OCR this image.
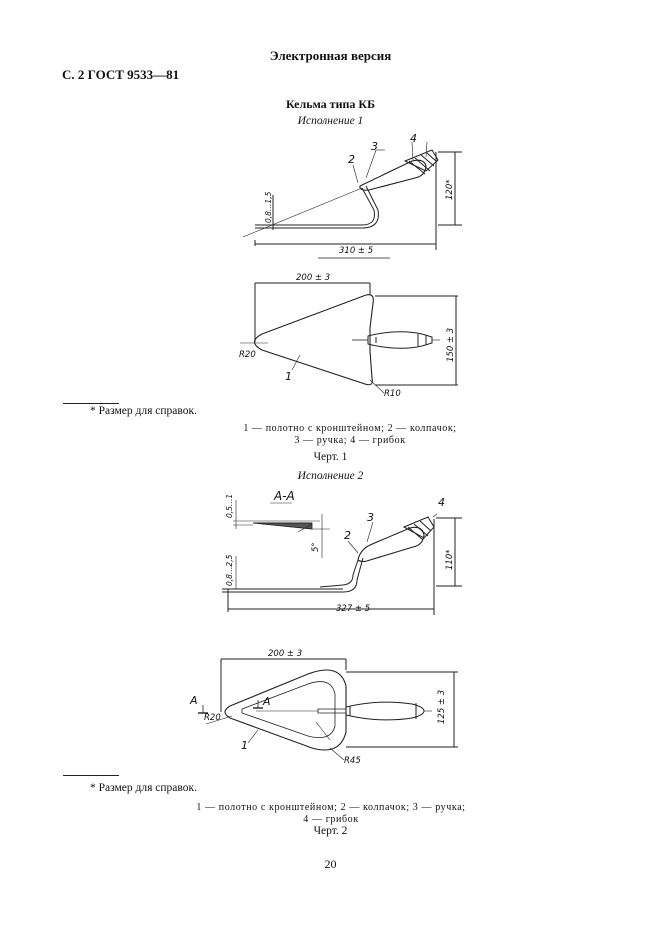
Электронная версия
С. 2 ГОСТ 9533—81
Кельма типа КБ
Исполнение 1
* Размер для справок.
1 — полотно с кронштейном; 2 — колпачок;
3 — ручка; 4 — грибок
Черт. 1
Исполнение 2
* Размер для справок.
1 — полотно с кронштейном; 2 — колпачок; 3 — ручка;
4 — грибок
Черт. 2
20
310 ± 5
120*
0,8…1,5
200 ± 3
150 ± 3
R20
R10
1
2
3
4
А-А
0,5…1
5°
0,8…2,5
327 ± 5
110*
200 ± 3
125 ± 3
R20
R45
А	А
1
2
3
4
